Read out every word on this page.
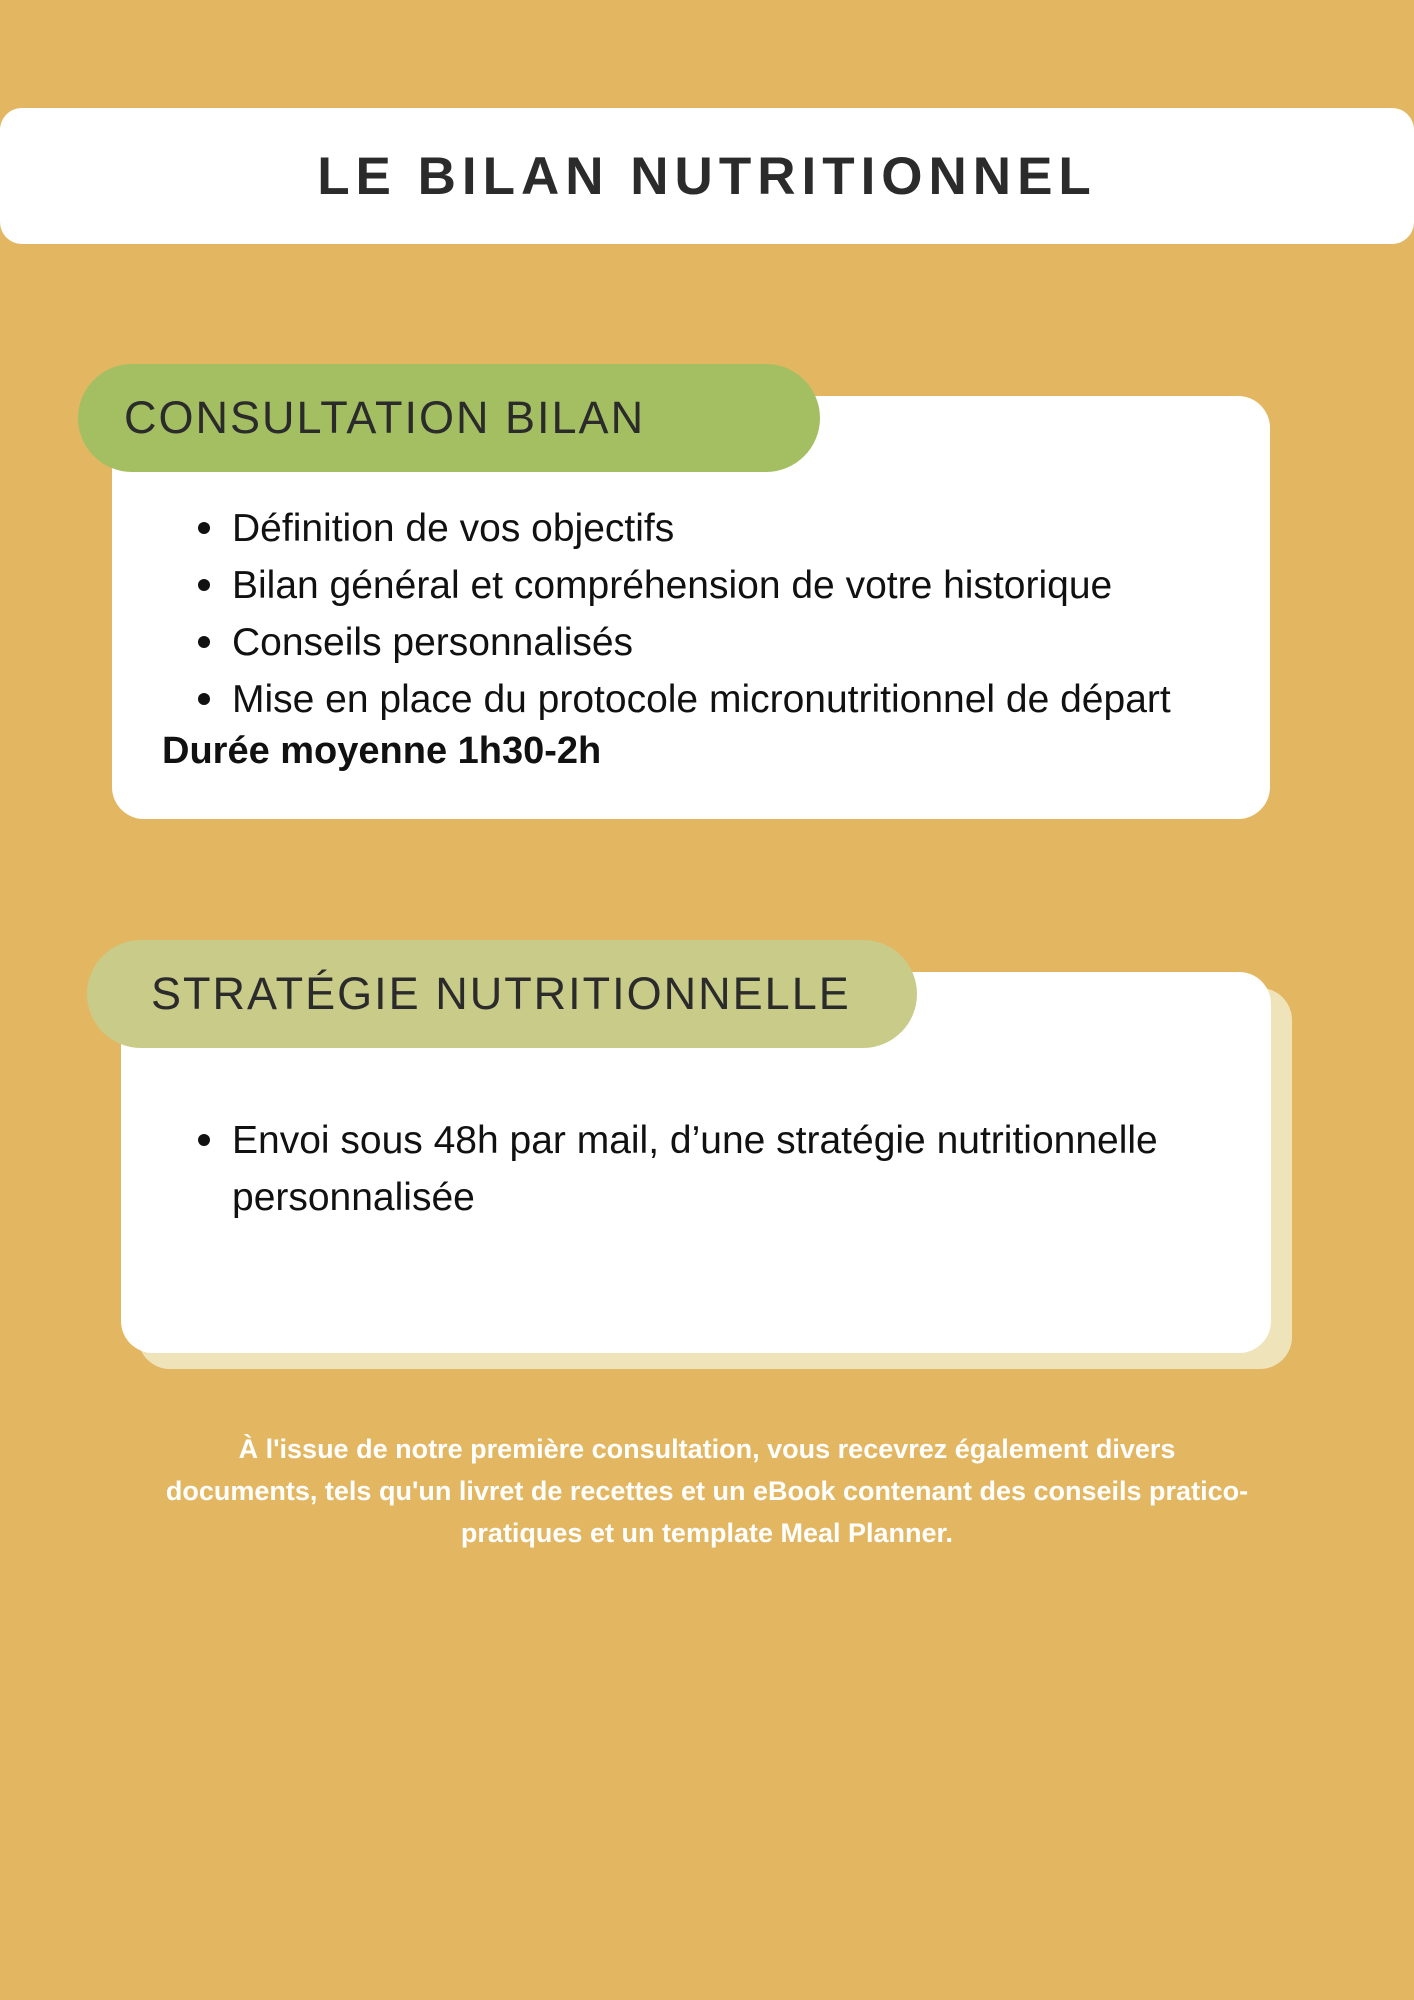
LE BILAN NUTRITIONNEL
Définition de vos objectifs
Bilan général et compréhension de votre historique
Conseils personnalisés
Mise en place du protocole micronutritionnel de départ
Durée moyenne 1h30-2h
CONSULTATION BILAN
Envoi sous 48h par mail, d’une stratégie nutritionnelle personnalisée
STRATÉGIE NUTRITIONNELLE
À l'issue de notre première consultation, vous recevrez également divers documents, tels qu'un livret de recettes et un eBook contenant des conseils pratico-pratiques et un template Meal Planner.
